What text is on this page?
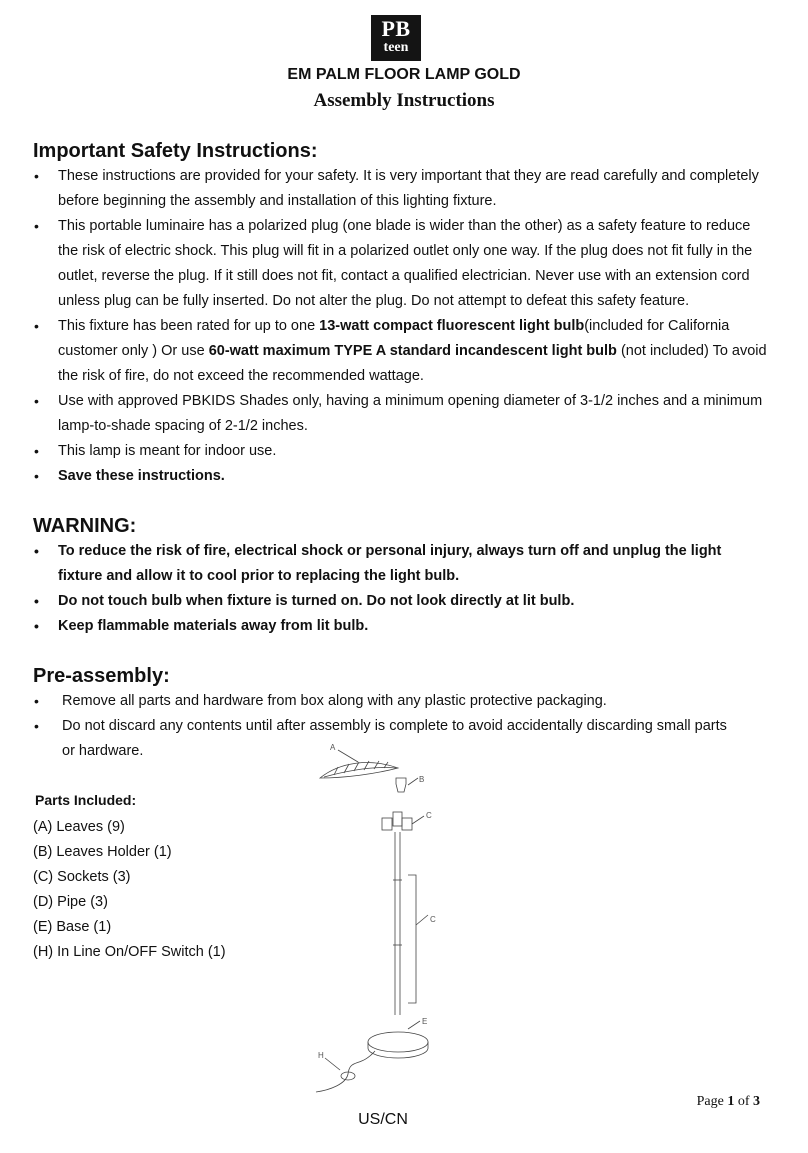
PB
teen
EM PALM FLOOR LAMP GOLD
Assembly Instructions
Important Safety Instructions:
• These instructions are provided for your safety. It is very important that they are read carefully and completely before beginning the assembly and installation of this lighting fixture.
• This portable luminaire has a polarized plug (one blade is wider than the other) as a safety feature to reduce the risk of electric shock. This plug will fit in a polarized outlet only one way. If the plug does not fit fully in the outlet, reverse the plug. If it still does not fit, contact a qualified electrician. Never use with an extension cord unless plug can be fully inserted. Do not alter the plug. Do not attempt to defeat this safety feature.
• This fixture has been rated for up to one 13-watt compact fluorescent light bulb(included for California customer only ) Or use 60-watt maximum TYPE A standard incandescent light bulb (not included) To avoid the risk of fire, do not exceed the recommended wattage.
• Use with approved PBKIDS Shades only, having a minimum opening diameter of 3-1/2 inches and a minimum lamp-to-shade spacing of 2-1/2 inches.
• This lamp is meant for indoor use.
• Save these instructions.
WARNING:
• To reduce the risk of fire, electrical shock or personal injury, always turn off and unplug the light fixture and allow it to cool prior to replacing the light bulb.
• Do not touch bulb when fixture is turned on. Do not look directly at lit bulb.
• Keep flammable materials away from lit bulb.
Pre-assembly:
• Remove all parts and hardware from box along with any plastic protective packaging.
• Do not discard any contents until after assembly is complete to avoid accidentally discarding small parts or hardware.
Parts Included:
(A) Leaves (9)
(B) Leaves Holder (1)
(C) Sockets (3)
(D) Pipe (3)
(E) Base (1)
(H) In Line On/OFF Switch (1)
A
B
C
C
E
H
Page 1 of 3
US/CN
